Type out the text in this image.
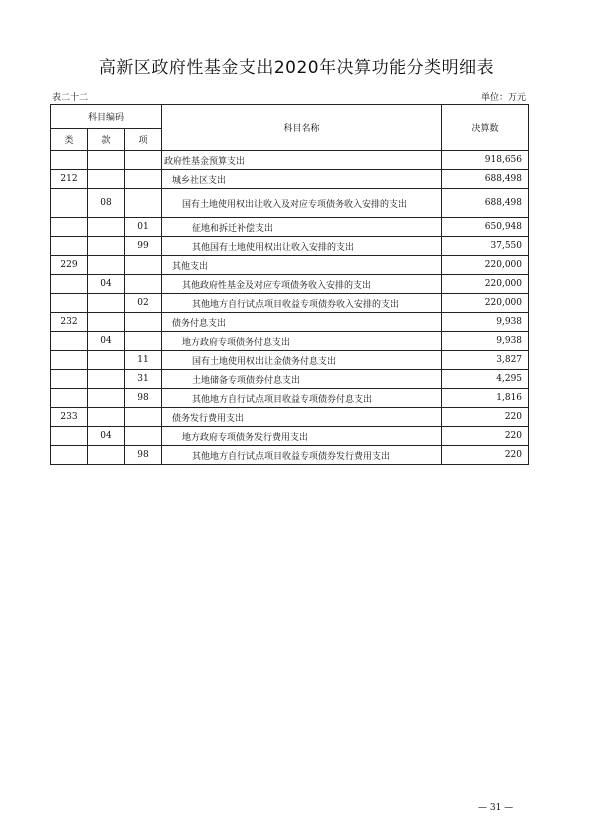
高新区政府性基金支出2020年决算功能分类明细表
表二十二	单位：万元
科目编码			科目名称	决算数
类	款	项		
			政府性基金预算支出	918,656
212			城乡社区支出	688,498
	08		国有土地使用权出让收入及对应专项债务收入安排的支出	688,498
		01	征地和拆迁补偿支出	650,948
		99	其他国有土地使用权出让收入安排的支出	37,550
229			其他支出	220,000
	04		其他政府性基金及对应专项债务收入安排的支出	220,000
		02	其他地方自行试点项目收益专项债券收入安排的支出	220,000
232			债务付息支出	9,938
	04		地方政府专项债务付息支出	9,938
		11	国有土地使用权出让金债务付息支出	3,827
		31	土地储备专项债券付息支出	4,295
		98	其他地方自行试点项目收益专项债券付息支出	1,816
233			债务发行费用支出	220
	04		地方政府专项债务发行费用支出	220
		98	其他地方自行试点项目收益专项债券发行费用支出	220
— 31 —
